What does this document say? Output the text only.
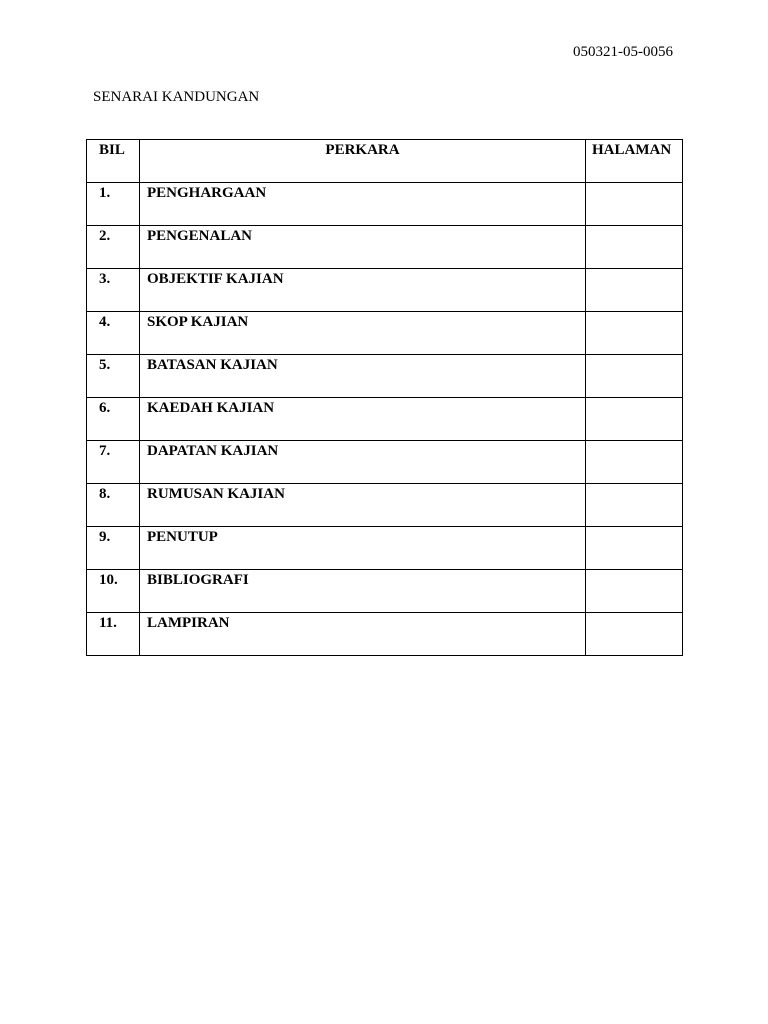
050321-05-0056
SENARAI KANDUNGAN
BIL	PERKARA	HALAMAN
1.	PENGHARGAAN	
2.	PENGENALAN	
3.	OBJEKTIF KAJIAN	
4.	SKOP KAJIAN	
5.	BATASAN KAJIAN	
6.	KAEDAH KAJIAN	
7.	DAPATAN KAJIAN	
8.	RUMUSAN KAJIAN	
9.	PENUTUP	
10.	BIBLIOGRAFI	
11.	LAMPIRAN	
